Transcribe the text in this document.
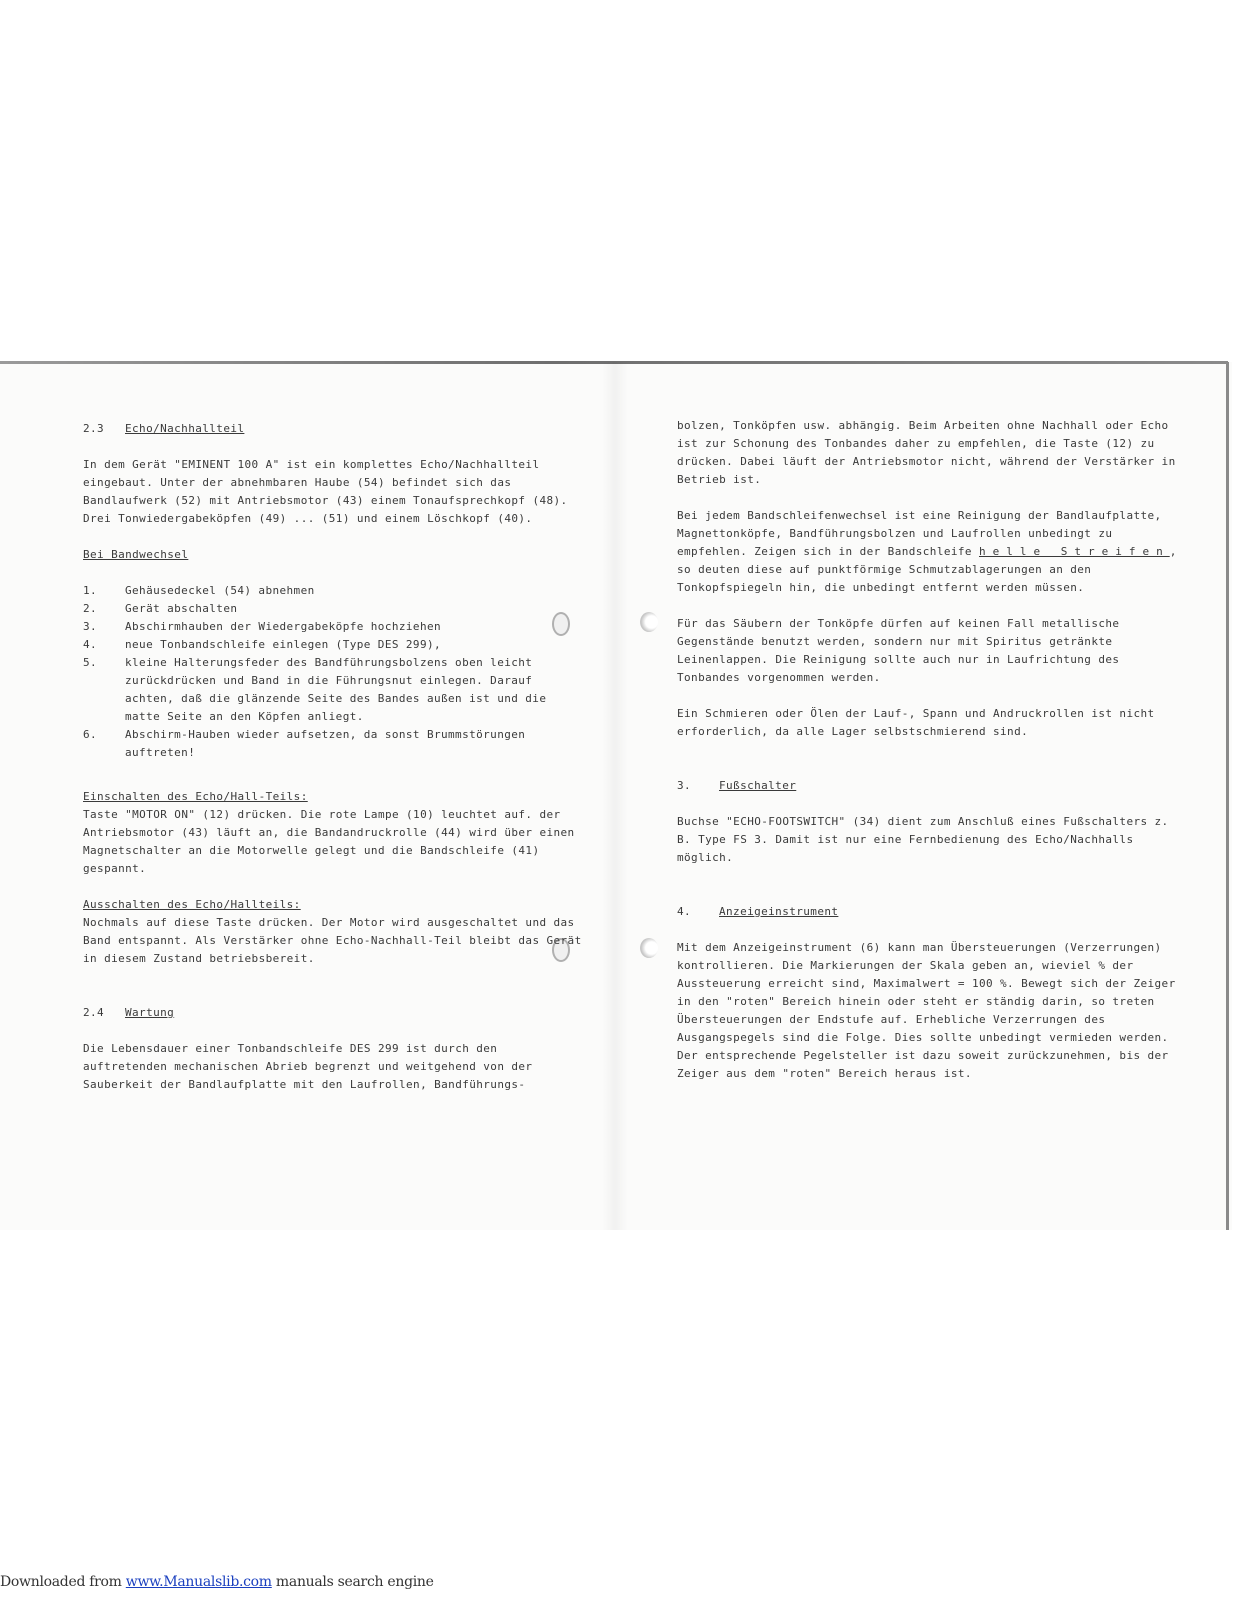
2.3 Echo/Nachhallteil

In dem Gerät "EMINENT 100 A" ist ein komplettes Echo/Nachhallteil eingebaut. Unter der abnehmbaren Haube (54) befindet sich das Bandlaufwerk (52) mit Antriebsmotor (43) einem Tonaufsprechkopf (48). Drei Tonwiedergabeköpfen (49) ... (51) und einem Löschkopf (40).

Bei Bandwechsel

1.	Gehäusedeckel (54) abnehmen
2.	Gerät abschalten
3.	Abschirmhauben der Wiedergabeköpfe hochziehen
4.	neue Tonbandschleife einlegen (Type DES 299),
5.	kleine Halterungsfeder des Bandführungsbolzens oben leicht zurückdrücken und Band in die Führungsnut einlegen. Darauf achten, daß die glänzende Seite des Bandes außen ist und die matte Seite an den Köpfen anliegt.
6.	Abschirm-Hauben wieder aufsetzen, da sonst Brummstörungen auftreten!

Einschalten des Echo/Hall-Teils:

Taste "MOTOR ON" (12) drücken. Die rote Lampe (10) leuchtet auf. der Antriebsmotor (43) läuft an, die Bandandruckrolle (44) wird über einen Magnetschalter an die Motorwelle gelegt und die Bandschleife (41) gespannt.

Ausschalten des Echo/Hallteils:

Nochmals auf diese Taste drücken. Der Motor wird ausgeschaltet und das Band entspannt. Als Verstärker ohne Echo-Nachhall-Teil bleibt das Gerät in diesem Zustand betriebsbereit.

2.4 Wartung

Die Lebensdauer einer Tonbandschleife DES 299 ist durch den auftretenden mechanischen Abrieb begrenzt und weitgehend von der Sauberkeit der Bandlaufplatte mit den Laufrollen, Bandführungs-

bolzen, Tonköpfen usw. abhängig. Beim Arbeiten ohne Nachhall oder Echo ist zur Schonung des Tonbandes daher zu empfehlen, die Taste (12) zu drücken. Dabei läuft der Antriebsmotor nicht, während der Verstärker in Betrieb ist.

Bei jedem Bandschleifenwechsel ist eine Reinigung der Bandlaufplatte, Magnettonköpfe, Bandführungsbolzen und Laufrollen unbedingt zu empfehlen. Zeigen sich in der Bandschleife helle Streifen, so deuten diese auf punktförmige Schmutzablagerungen an den Tonkopfspiegeln hin, die unbedingt entfernt werden müssen.

Für das Säubern der Tonköpfe dürfen auf keinen Fall metallische Gegenstände benutzt werden, sondern nur mit Spiritus getränkte Leinenlappen. Die Reinigung sollte auch nur in Laufrichtung des Tonbandes vorgenommen werden.

Ein Schmieren oder Ölen der Lauf-, Spann und Andruckrollen ist nicht erforderlich, da alle Lager selbstschmierend sind.

3.	Fußschalter

Buchse "ECHO-FOOTSWITCH" (34) dient zum Anschluß eines Fußschalters z. B. Type FS 3. Damit ist nur eine Fernbedienung des Echo/Nachhalls möglich.

4.	Anzeigeinstrument

Mit dem Anzeigeinstrument (6) kann man Übersteuerungen (Verzerrungen) kontrollieren. Die Markierungen der Skala geben an, wieviel % der Aussteuerung erreicht sind, Maximalwert = 100 %. Bewegt sich der Zeiger in den "roten" Bereich hinein oder steht er ständig darin, so treten Übersteuerungen der Endstufe auf. Erhebliche Verzerrungen des Ausgangspegels sind die Folge. Dies sollte unbedingt vermieden werden. Der entsprechende Pegelsteller ist dazu soweit zurückzunehmen, bis der Zeiger aus dem "roten" Bereich heraus ist.

Downloaded from www.Manualslib.com manuals search engine
